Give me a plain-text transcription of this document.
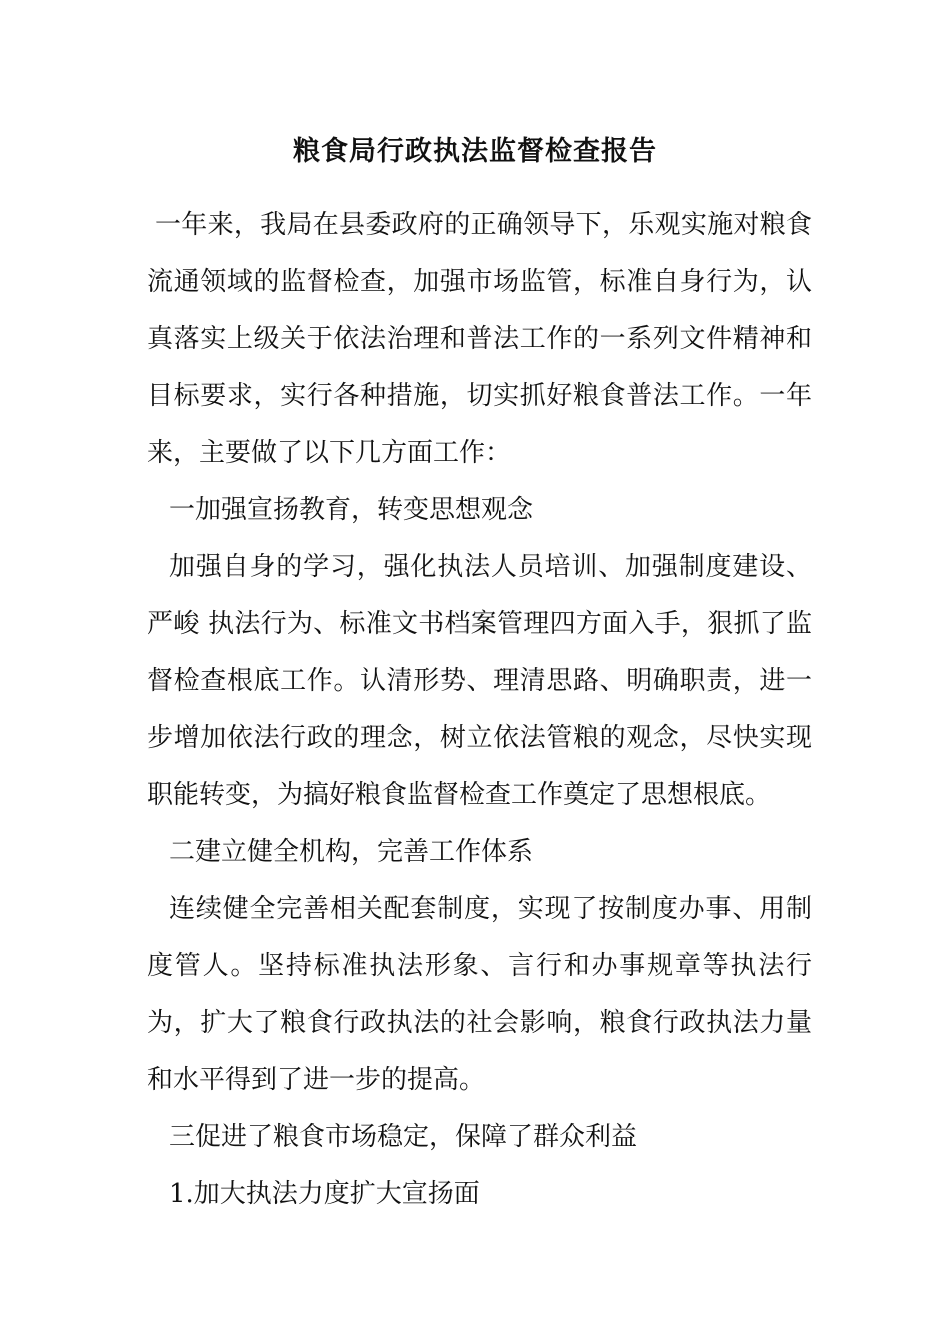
粮食局行政执法监督检查报告

一年来，我局在县委政府的正确领导下，乐观实施对粮食流通领域的监督检查，加强市场监管，标准自身行为，认真落实上级关于依法治理和普法工作的一系列文件精神和目标要求，实行各种措施，切实抓好粮食普法工作。一年来，主要做了以下几方面工作：

一加强宣扬教育，转变思想观念

加强自身的学习，强化执法人员培训、加强制度建设、严峻 执法行为、标准文书档案管理四方面入手，狠抓了监督检查根底工作。认清形势、理清思路、明确职责，进一步增加依法行政的理念，树立依法管粮的观念，尽快实现职能转变，为搞好粮食监督检查工作奠定了思想根底。

二建立健全机构，完善工作体系

连续健全完善相关配套制度，实现了按制度办事、用制度管人。坚持标准执法形象、言行和办事规章等执法行为，扩大了粮食行政执法的社会影响，粮食行政执法力量和水平得到了进一步的提高。

三促进了粮食市场稳定，保障了群众利益

1.加大执法力度扩大宣扬面
